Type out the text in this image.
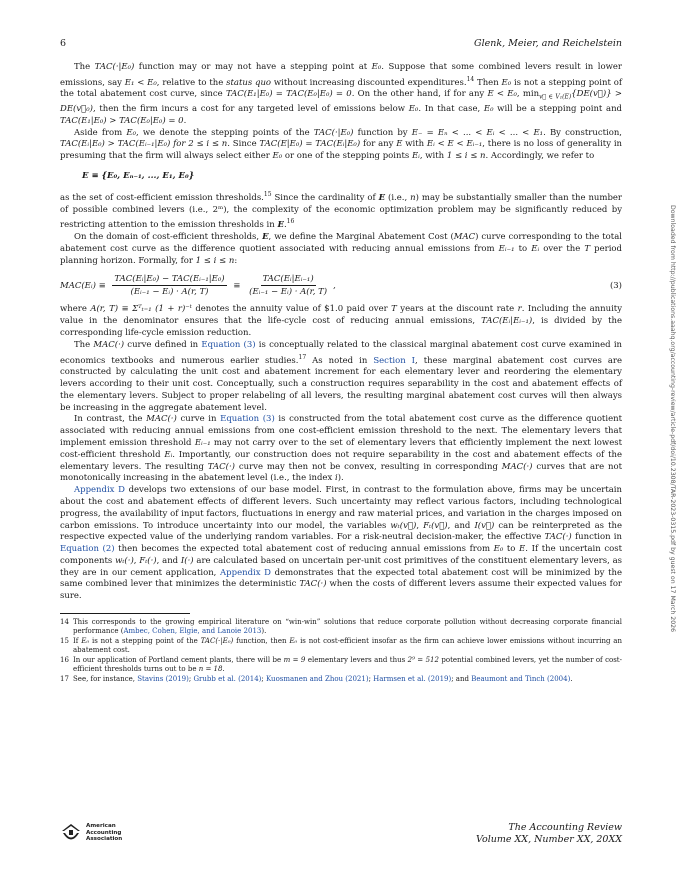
6	Glenk, Meier, and Reichelstein

The TAC(·|E₀) function may or may not have a stepping point at E₀. Suppose that some combined levers result in lower emissions, say E₁ < E₀, relative to the status quo without increasing discounted expenditures.$^{14}$ Then E₀ is not a stepping point of the total abatement cost curve, since TAC(E₁|E₀) = TAC(E₀|E₀) = 0. On the other hand, if for any E < E₀, $\min_{v⃗ \in V_1(E)}\{DE(v⃗)\}$ > DE(v⃗₀), then the firm incurs a cost for any targeted level of emissions below E₀. In that case, E₀ will be a stepping point and TAC(E₁|E₀) > TAC(E₀|E₀) = 0.

Aside from E₀, we denote the stepping points of the TAC(·|E₀) function by E₋ = Eₙ < ... < Eᵢ < ... < E₁. By construction, TAC(Eᵢ|E₀) > TAC(Eᵢ₋₁|E₀) for 2 ≤ i ≤ n. Since TAC(E|E₀) = TAC(Eᵢ|E₀) for any E with Eᵢ < E < Eᵢ₋₁, there is no loss of generality in presuming that the firm will always select either E₀ or one of the stepping points Eᵢ, with 1 ≤ i ≤ n. Accordingly, we refer to

E ≡ {E₀, Eₙ₋₁, ..., E₁, E₀}

as the set of cost-efficient emission thresholds.$^{15}$ Since the cardinality of E (i.e., n) may be substantially smaller than the number of possible combined levers (i.e., 2ᵐ), the complexity of the economic optimization problem may be significantly reduced by restricting attention to the emission thresholds in E.$^{16}$

On the domain of cost-efficient thresholds, E, we define the Marginal Abatement Cost (MAC) curve corresponding to the total abatement cost curve as the difference quotient associated with reducing annual emissions from Eᵢ₋₁ to Eᵢ over the T period planning horizon. Formally, for 1 ≤ i ≤ n:

MAC(Eᵢ) ≡ $\frac{\text{TAC(Eᵢ|E₀) − TAC(Eᵢ₋₁|E₀)}}{\text{(Eᵢ₋₁ − Eᵢ) · A(r, T)}} \equiv \frac{\text{TAC(Eᵢ|Eᵢ₋₁)}}{\text{(Eᵢ₋₁ − Eᵢ) · A(r, T)}}$ ,	(3)

where A(r, T) ≡ Σᵀₜ₌₁ (1 + r)⁻ᵗ denotes the annuity value of $1.0 paid over T years at the discount rate r. Including the annuity value in the denominator ensures that the life-cycle cost of reducing annual emissions, TAC(Eᵢ|Eᵢ₋₁), is divided by the corresponding life-cycle emission reduction.

The MAC(·) curve defined in Equation (3) is conceptually related to the classical marginal abatement cost curve examined in economics textbooks and numerous earlier studies.$^{17}$ As noted in Section I, these marginal abatement cost curves are constructed by calculating the unit cost and abatement increment for each elementary lever and reordering the elementary levers according to their unit cost. Conceptually, such a construction requires separability in the cost and abatement effects of the elementary levers. Subject to proper relabeling of all levers, the resulting marginal abatement cost curves will then always be increasing in the aggregate abatement level.

In contrast, the MAC(·) curve in Equation (3) is constructed from the total abatement cost curve as the difference quotient associated with reducing annual emissions from one cost-efficient emission threshold to the next. The elementary levers that implement emission threshold Eᵢ₋₁ may not carry over to the set of elementary levers that efficiently implement the next lowest cost-efficient threshold Eᵢ. Importantly, our construction does not require separability in the cost and abatement effects of the elementary levers. The resulting TAC(·) curve may then not be convex, resulting in corresponding MAC(·) curves that are not monotonically increasing in the abatement level (i.e., the index i).

Appendix D develops two extensions of our base model. First, in contrast to the formulation above, firms may be uncertain about the cost and abatement effects of different levers. Such uncertainty may reflect various factors, including technological progress, the availability of input factors, fluctuations in energy and raw material prices, and variation in the charges imposed on carbon emissions. To introduce uncertainty into our model, the variables wₜ(v⃗), Fₜ(v⃗), and I(v⃗) can be reinterpreted as the respective expected value of the underlying random variables. For a risk-neutral decision-maker, the effective TAC(·) function in Equation (2) then becomes the expected total abatement cost of reducing annual emissions from E₀ to E. If the uncertain cost components wₜ(·), Fₜ(·), and I(·) are calculated based on uncertain per-unit cost primitives of the constituent elementary levers, as they are in our cement application, Appendix D demonstrates that the expected total abatement cost will be minimized by the same combined lever that minimizes the deterministic TAC(·) when the costs of different levers assume their expected values for sure.

14 This corresponds to the growing empirical literature on “win-win” solutions that reduce corporate pollution without decreasing corporate financial performance (Ambec, Cohen, Elgie, and Lanoie 2013).
15 If E₀ is not a stepping point of the TAC(·|E₀) function, then E₀ is not cost-efficient insofar as the firm can achieve lower emissions without incurring an abatement cost.
16 In our application of Portland cement plants, there will be m = 9 elementary levers and thus 2⁹ = 512 potential combined levers, yet the number of cost-efficient thresholds turns out to be n = 18.
17 See, for instance, Stavins (2019); Grubb et al. (2014); Kuosmanen and Zhou (2021); Harmsen et al. (2019); and Beaumont and Tinch (2004).
Downloaded from http://publications.aaahq.org/accounting-review/article-pdf/doi/10.2308/TAR-2023-0315.pdf by guest on 17 March 2026
American
Accounting
Association
The Accounting Review
Volume XX, Number XX, 20XX
